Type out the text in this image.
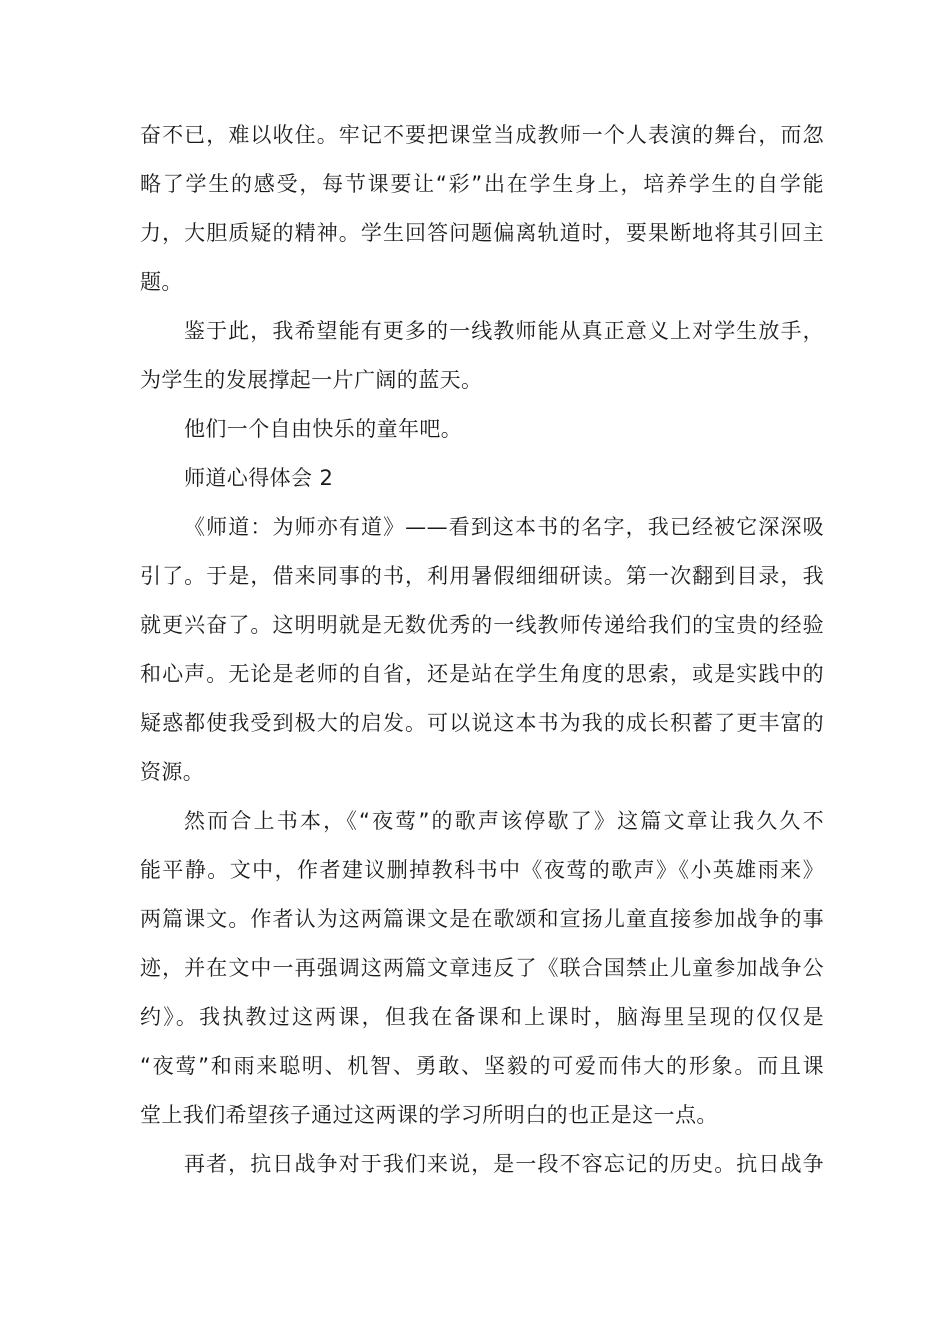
奋不已，难以收住。牢记不要把课堂当成教师一个人表演的舞台，而忽
略了学生的感受，每节课要让“彩”出在学生身上，培养学生的自学能
力，大胆质疑的精神。学生回答问题偏离轨道时，要果断地将其引回主
题。

鉴于此，我希望能有更多的一线教师能从真正意义上对学生放手，
为学生的发展撑起一片广阔的蓝天。

他们一个自由快乐的童年吧。

师道心得体会 2

《师道：为师亦有道》——看到这本书的名字，我已经被它深深吸
引了。于是，借来同事的书，利用暑假细细研读。第一次翻到目录，我
就更兴奋了。这明明就是无数优秀的一线教师传递给我们的宝贵的经验
和心声。无论是老师的自省，还是站在学生角度的思索，或是实践中的
疑惑都使我受到极大的启发。可以说这本书为我的成长积蓄了更丰富的
资源。

然而合上书本，《“夜莺”的歌声该停歇了》这篇文章让我久久不
能平静。文中，作者建议删掉教科书中《夜莺的歌声》《小英雄雨来》
两篇课文。作者认为这两篇课文是在歌颂和宣扬儿童直接参加战争的事
迹，并在文中一再强调这两篇文章违反了《联合国禁止儿童参加战争公
约》。我执教过这两课，但我在备课和上课时，脑海里呈现的仅仅是
“夜莺”和雨来聪明、机智、勇敢、坚毅的可爱而伟大的形象。而且课
堂上我们希望孩子通过这两课的学习所明白的也正是这一点。

再者，抗日战争对于我们来说，是一段不容忘记的历史。抗日战争
